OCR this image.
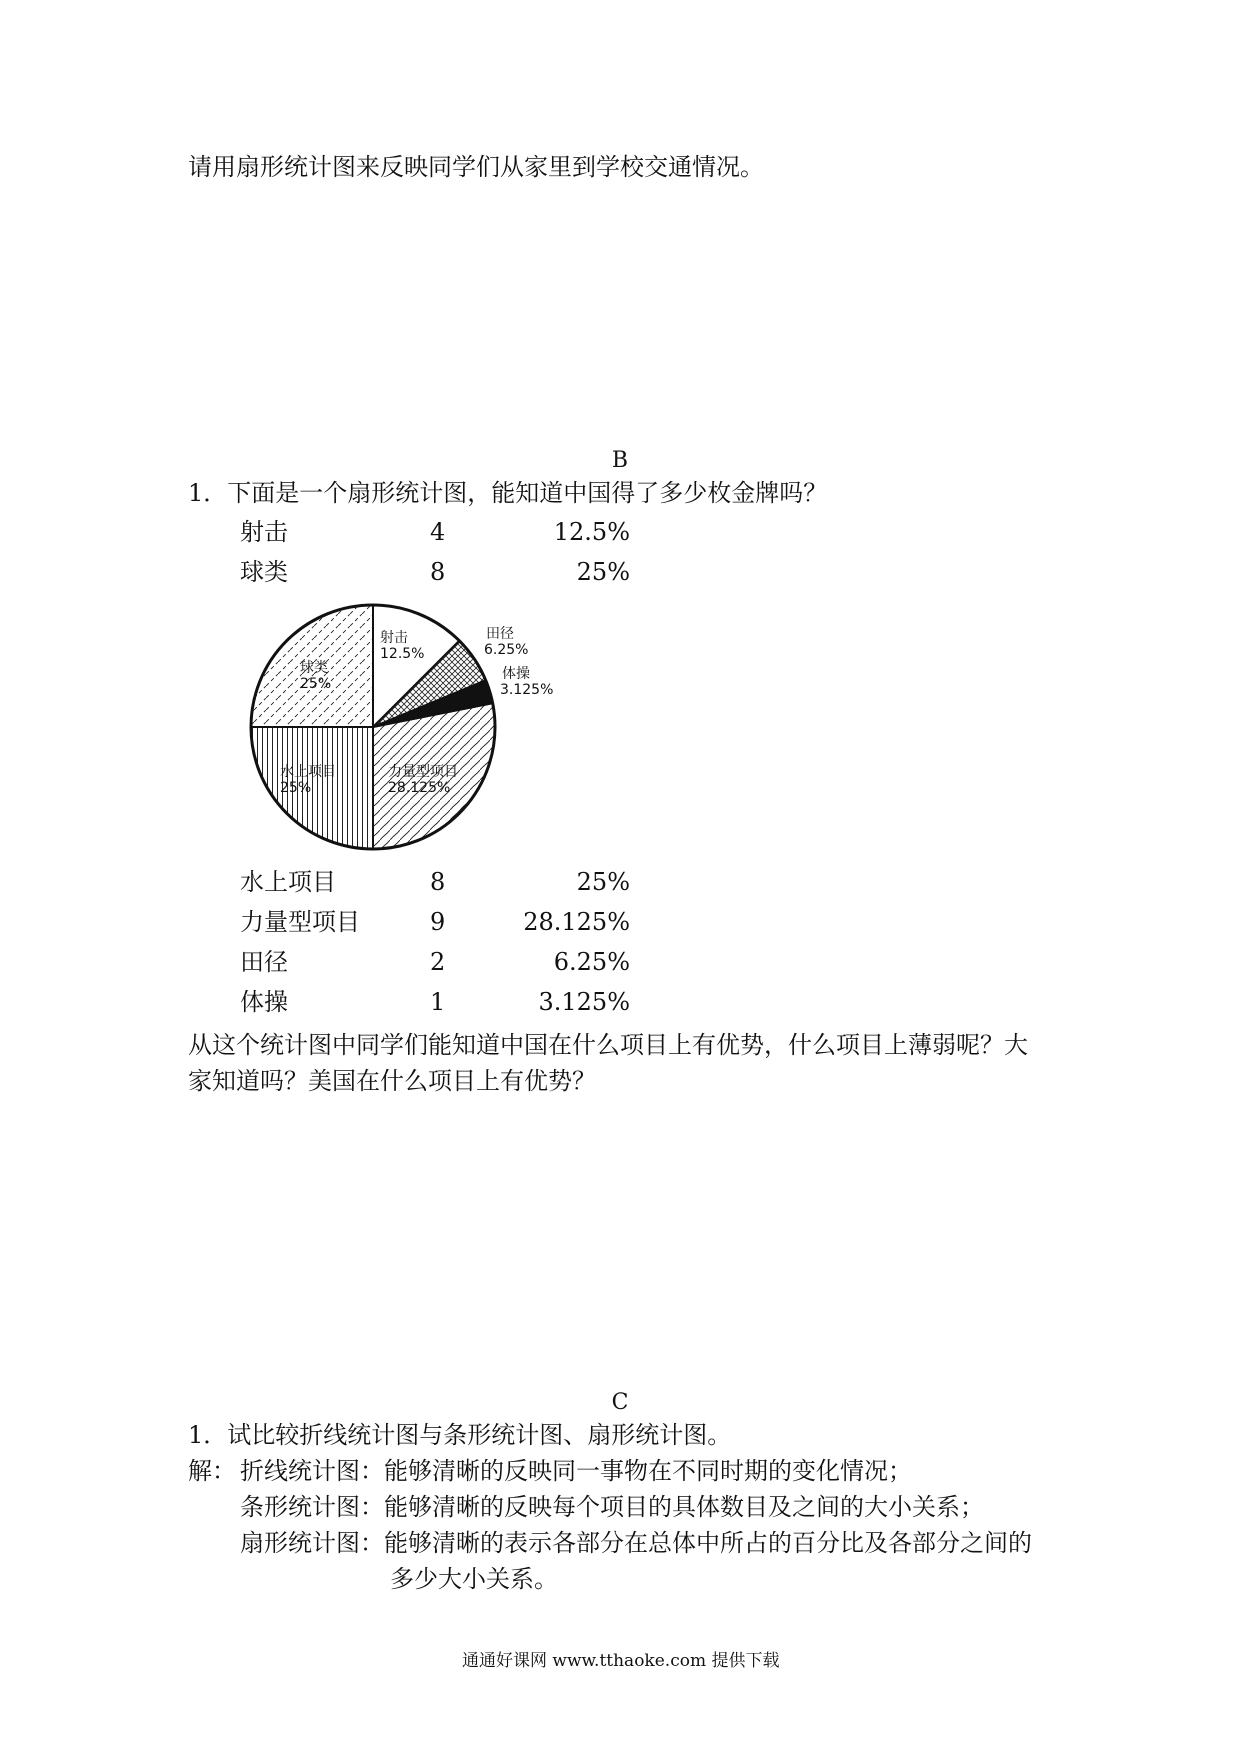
请用扇形统计图来反映同学们从家里到学校交通情况。
B
1．下面是一个扇形统计图，能知道中国得了多少枚金牌吗？
射击	4	12.5%
球类	8	25%
射击
12.5%
田径
6.25%
体操
3.125%
力量型项目
28.125%
水上项目
25%
球类
25%
水上项目	8	25%
力量型项目	9	28.125%
田径	2	6.25%
体操	1	3.125%
从这个统计图中同学们能知道中国在什么项目上有优势，什么项目上薄弱呢？大
家知道吗？美国在什么项目上有优势？
C
1．试比较折线统计图与条形统计图、扇形统计图。
解： 折线统计图： 能够清晰的反映同一事物在不同时期的变化情况；
条形统计图： 能够清晰的反映每个项目的具体数目及之间的大小关系；
扇形统计图： 能够清晰的表示各部分在总体中所占的百分比及各部分之间的
多少大小关系。
通通好课网 www.tthaoke.com 提供下载
